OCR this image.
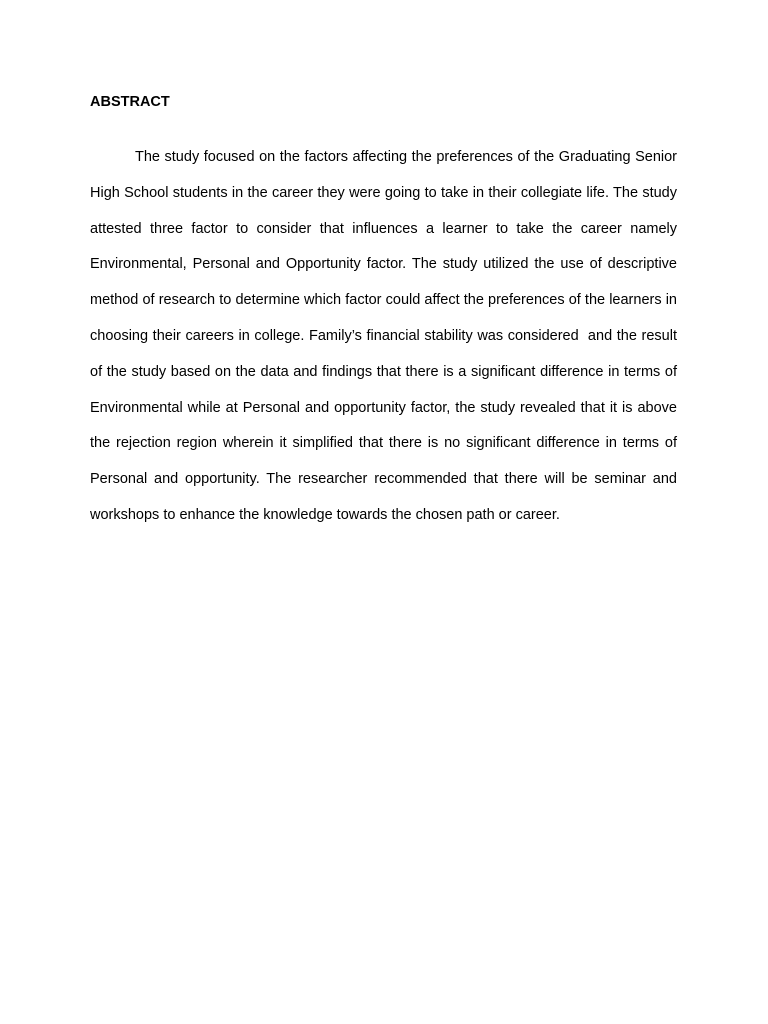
ABSTRACT

The study focused on the factors affecting the preferences of the Graduating Senior High School students in the career they were going to take in their collegiate life. The study attested three factor to consider that influences a learner to take the career namely Environmental, Personal and Opportunity factor. The study utilized the use of descriptive method of research to determine which factor could affect the preferences of the learners in choosing their careers in college. Family’s financial stability was considered  and the result of the study based on the data and findings that there is a significant difference in terms of Environmental while at Personal and opportunity factor, the study revealed that it is above the rejection region wherein it simplified that there is no significant difference in terms of Personal and opportunity. The researcher recommended that there will be seminar and workshops to enhance the knowledge towards the chosen path or career.
